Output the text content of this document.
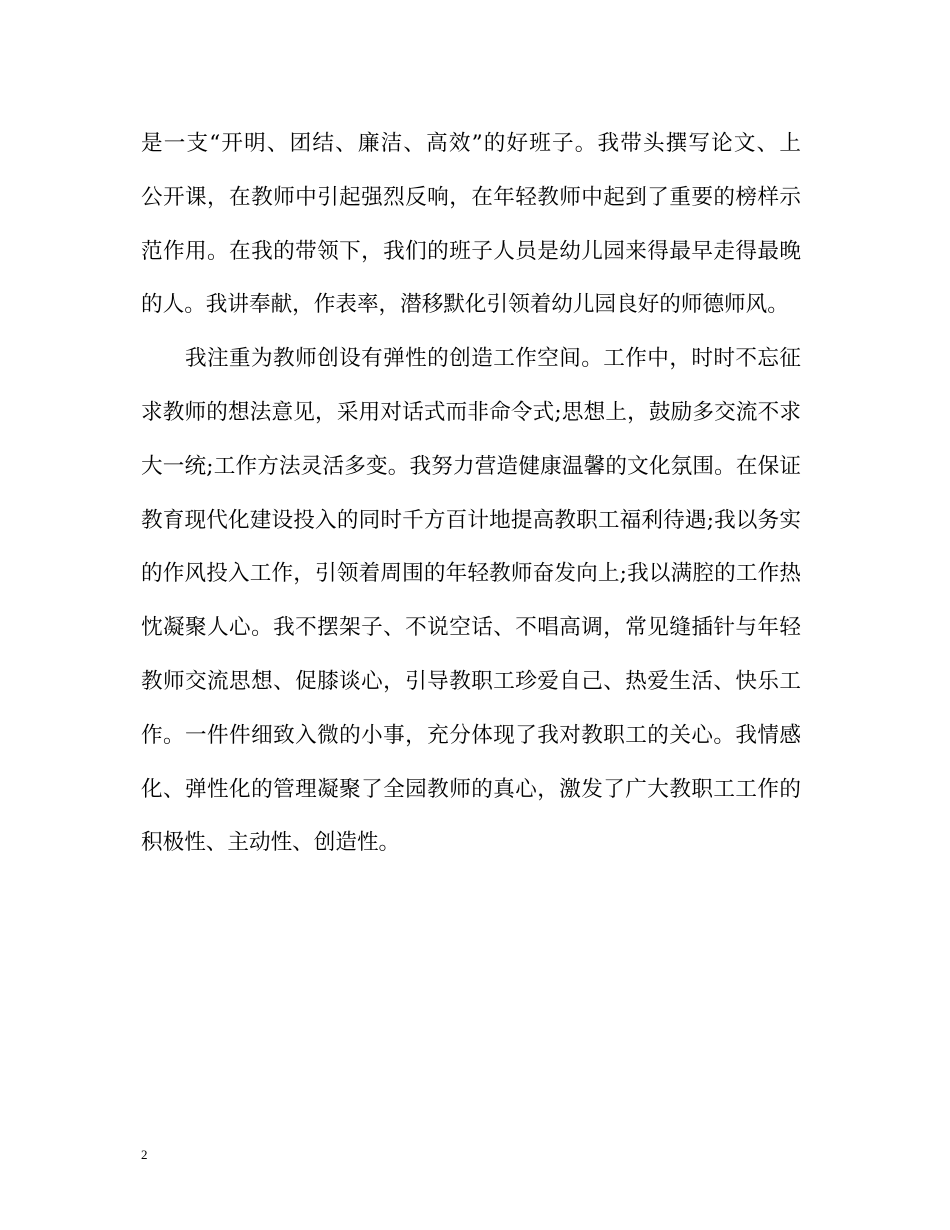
是一支“开明、团结、廉洁、高效”的好班子。我带头撰写论文、上
公开课，在教师中引起强烈反响，在年轻教师中起到了重要的榜样示
范作用。在我的带领下，我们的班子人员是幼儿园来得最早走得最晚
的人。我讲奉献，作表率，潜移默化引领着幼儿园良好的师德师风。
我注重为教师创设有弹性的创造工作空间。工作中，时时不忘征
求教师的想法意见，采用对话式而非命令式;思想上，鼓励多交流不求
大一统;工作方法灵活多变。我努力营造健康温馨的文化氛围。在保证
教育现代化建设投入的同时千方百计地提高教职工福利待遇;我以务实
的作风投入工作，引领着周围的年轻教师奋发向上;我以满腔的工作热
忱凝聚人心。我不摆架子、不说空话、不唱高调，常见缝插针与年轻
教师交流思想、促膝谈心，引导教职工珍爱自己、热爱生活、快乐工
作。一件件细致入微的小事，充分体现了我对教职工的关心。我情感
化、弹性化的管理凝聚了全园教师的真心，激发了广大教职工工作的
积极性、主动性、创造性。
2
